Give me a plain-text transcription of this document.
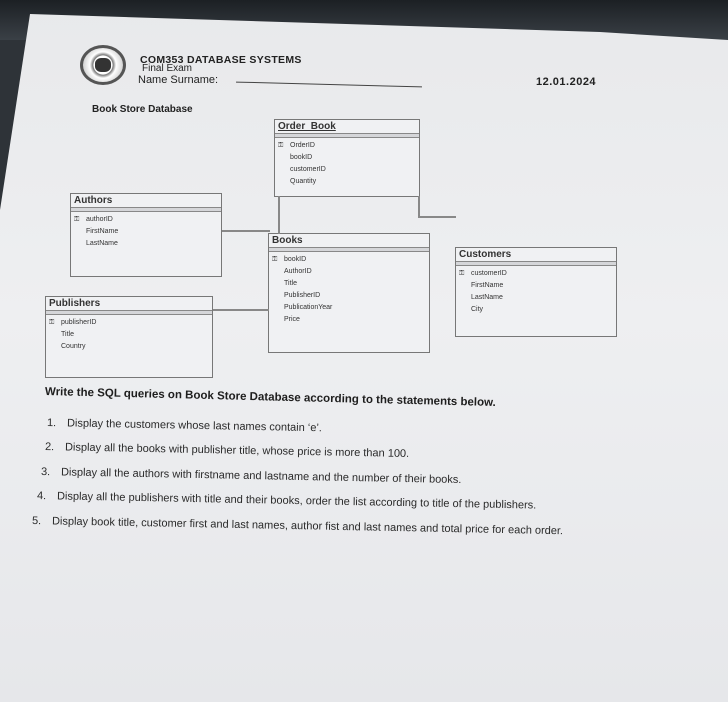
COM353 DATABASE SYSTEMS
Final Exam
Name Surname:	12.01.2024
Book Store Database
Order_Book
⚿ OrderID
bookID
customerID
Quantity
Authors
⚿ authorID
FirstName
LastName	Books
⚿ bookID
AuthorID
Title
PublisherID
PublicationYear
Price
Customers
⚿ customerID
FirstName
LastName
City
Publishers
⚿ publisherID
Title
Country
Write the SQL queries on Book Store Database according to the statements below.
1. Display the customers whose last names contain ‘e’.
2. Display all the books with publisher title, whose price is more than 100.
3. Display all the authors with firstname and lastname and the number of their books.
4. Display all the publishers with title and their books, order the list according to title of the publishers.
5. Display book title, customer first and last names, author fist and last names and total price for each order.
